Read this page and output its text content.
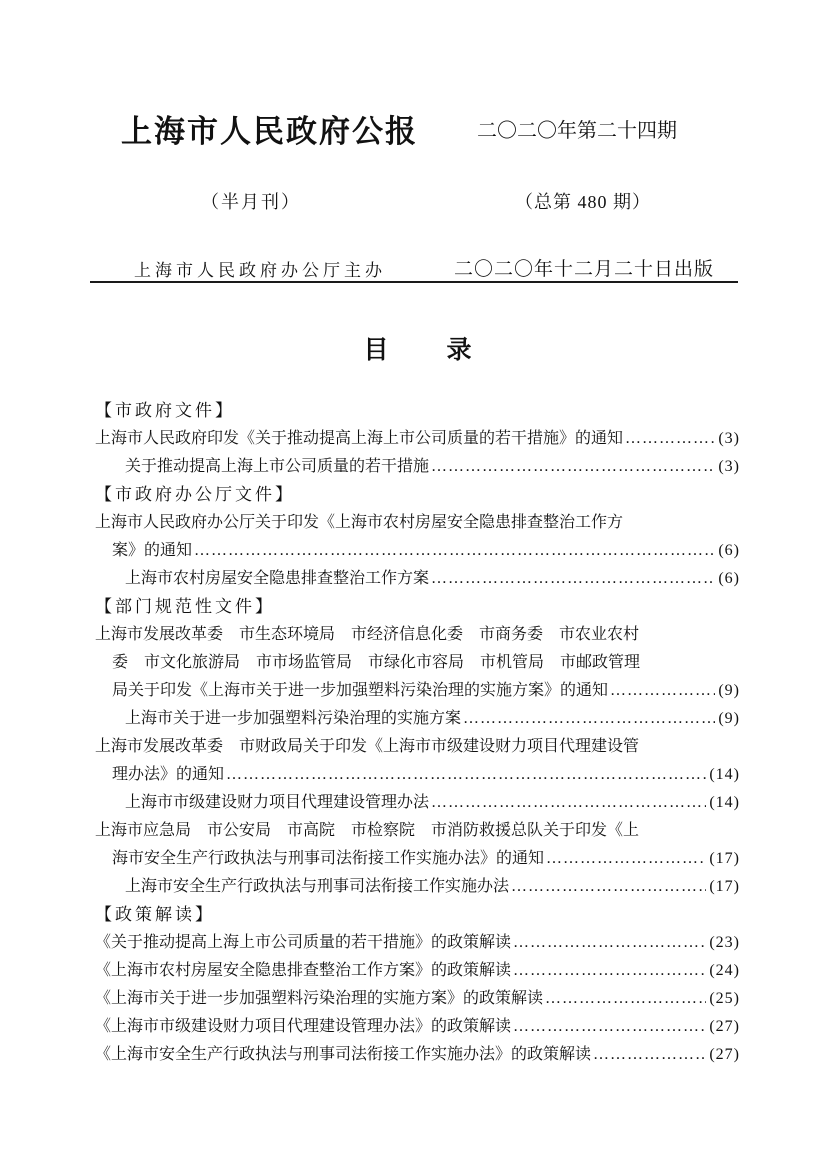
上海市人民政府公报	二〇二〇年第二十四期
（半月刊）	（总第 480 期）
上海市人民政府办公厅主办	二〇二〇年十二月二十日出版
目 录
【市政府文件】
上海市人民政府印发《关于推动提高上海上市公司质量的若干措施》的通知 ………………………………………………………………………………………………………………………………………………	(3)
关于推动提高上海上市公司质量的若干措施 ………………………………………………………………………………………………………………………………………………	(3)
【市政府办公厅文件】
上海市人民政府办公厅关于印发《上海市农村房屋安全隐患排查整治工作方
案》的通知 ………………………………………………………………………………………………………………………………………………	(6)
上海市农村房屋安全隐患排查整治工作方案 ………………………………………………………………………………………………………………………………………………	(6)
【部门规范性文件】
上海市发展改革委　市生态环境局　市经济信息化委　市商务委　市农业农村
委　市文化旅游局　市市场监管局　市绿化市容局　市机管局　市邮政管理
局关于印发《上海市关于进一步加强塑料污染治理的实施方案》的通知 ………………………………………………………………………………………………………………………………………………	(9)
上海市关于进一步加强塑料污染治理的实施方案 ………………………………………………………………………………………………………………………………………………	(9)
上海市发展改革委　市财政局关于印发《上海市市级建设财力项目代理建设管
理办法》的通知 ………………………………………………………………………………………………………………………………………………	(14)
上海市市级建设财力项目代理建设管理办法 ………………………………………………………………………………………………………………………………………………	(14)
上海市应急局　市公安局　市高院　市检察院　市消防救援总队关于印发《上
海市安全生产行政执法与刑事司法衔接工作实施办法》的通知 ………………………………………………………………………………………………………………………………………………	(17)
上海市安全生产行政执法与刑事司法衔接工作实施办法 ………………………………………………………………………………………………………………………………………………	(17)
【政策解读】
《关于推动提高上海上市公司质量的若干措施》的政策解读 ………………………………………………………………………………………………………………………………………………	(23)
《上海市农村房屋安全隐患排查整治工作方案》的政策解读 ………………………………………………………………………………………………………………………………………………	(24)
《上海市关于进一步加强塑料污染治理的实施方案》的政策解读 ………………………………………………………………………………………………………………………………………………	(25)
《上海市市级建设财力项目代理建设管理办法》的政策解读 ………………………………………………………………………………………………………………………………………………	(27)
《上海市安全生产行政执法与刑事司法衔接工作实施办法》的政策解读 ………………………………………………………………………………………………………………………………………………	(27)
